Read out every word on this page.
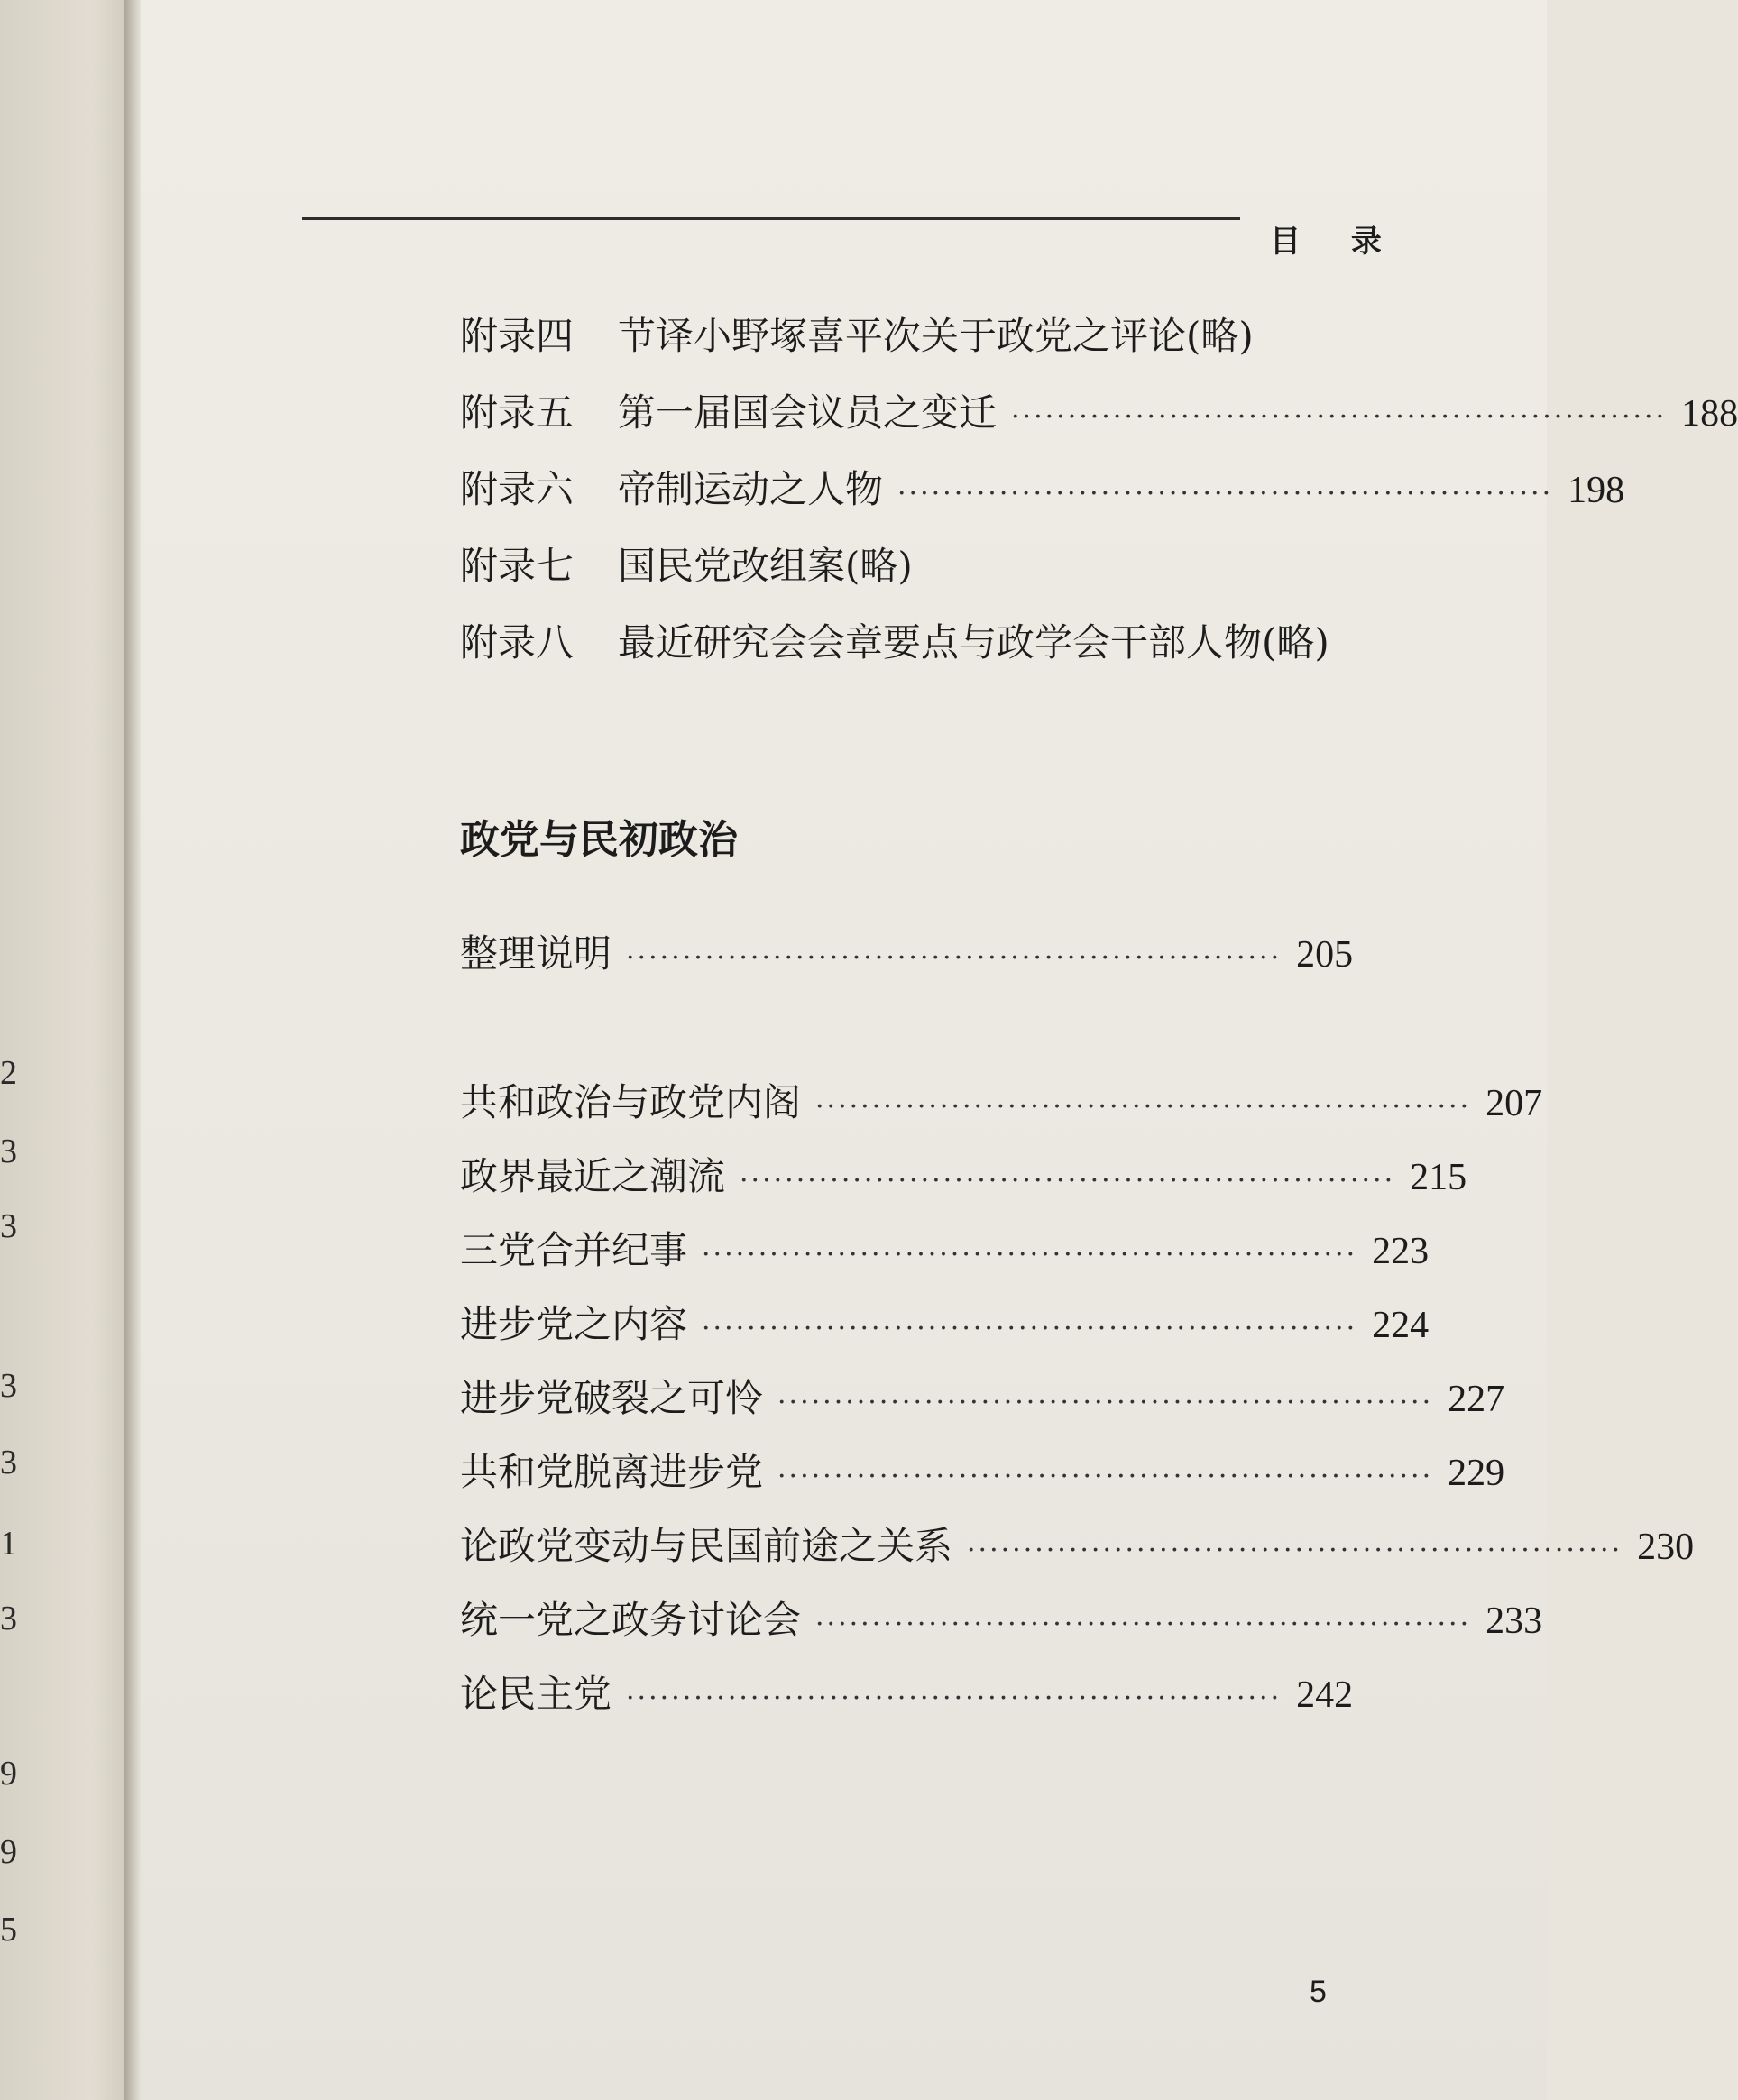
2
3
3
3
3
1
3
9
9
5
目 录
附录四	节译小野塚喜平次关于政党之评论(略)
附录五	第一届国会议员之变迁 ·························································· 188
附录六	帝制运动之人物 ·························································· 198
附录七	国民党改组案(略)
附录八	最近研究会会章要点与政学会干部人物(略)
政党与民初政治
整理说明 ·························································· 205
共和政治与政党内阁 ·························································· 207
政界最近之潮流 ·························································· 215
三党合并纪事 ·························································· 223
进步党之内容 ·························································· 224
进步党破裂之可怜 ·························································· 227
共和党脱离进步党 ·························································· 229
论政党变动与民国前途之关系 ·························································· 230
统一党之政务讨论会 ·························································· 233
论民主党 ·························································· 242
5
